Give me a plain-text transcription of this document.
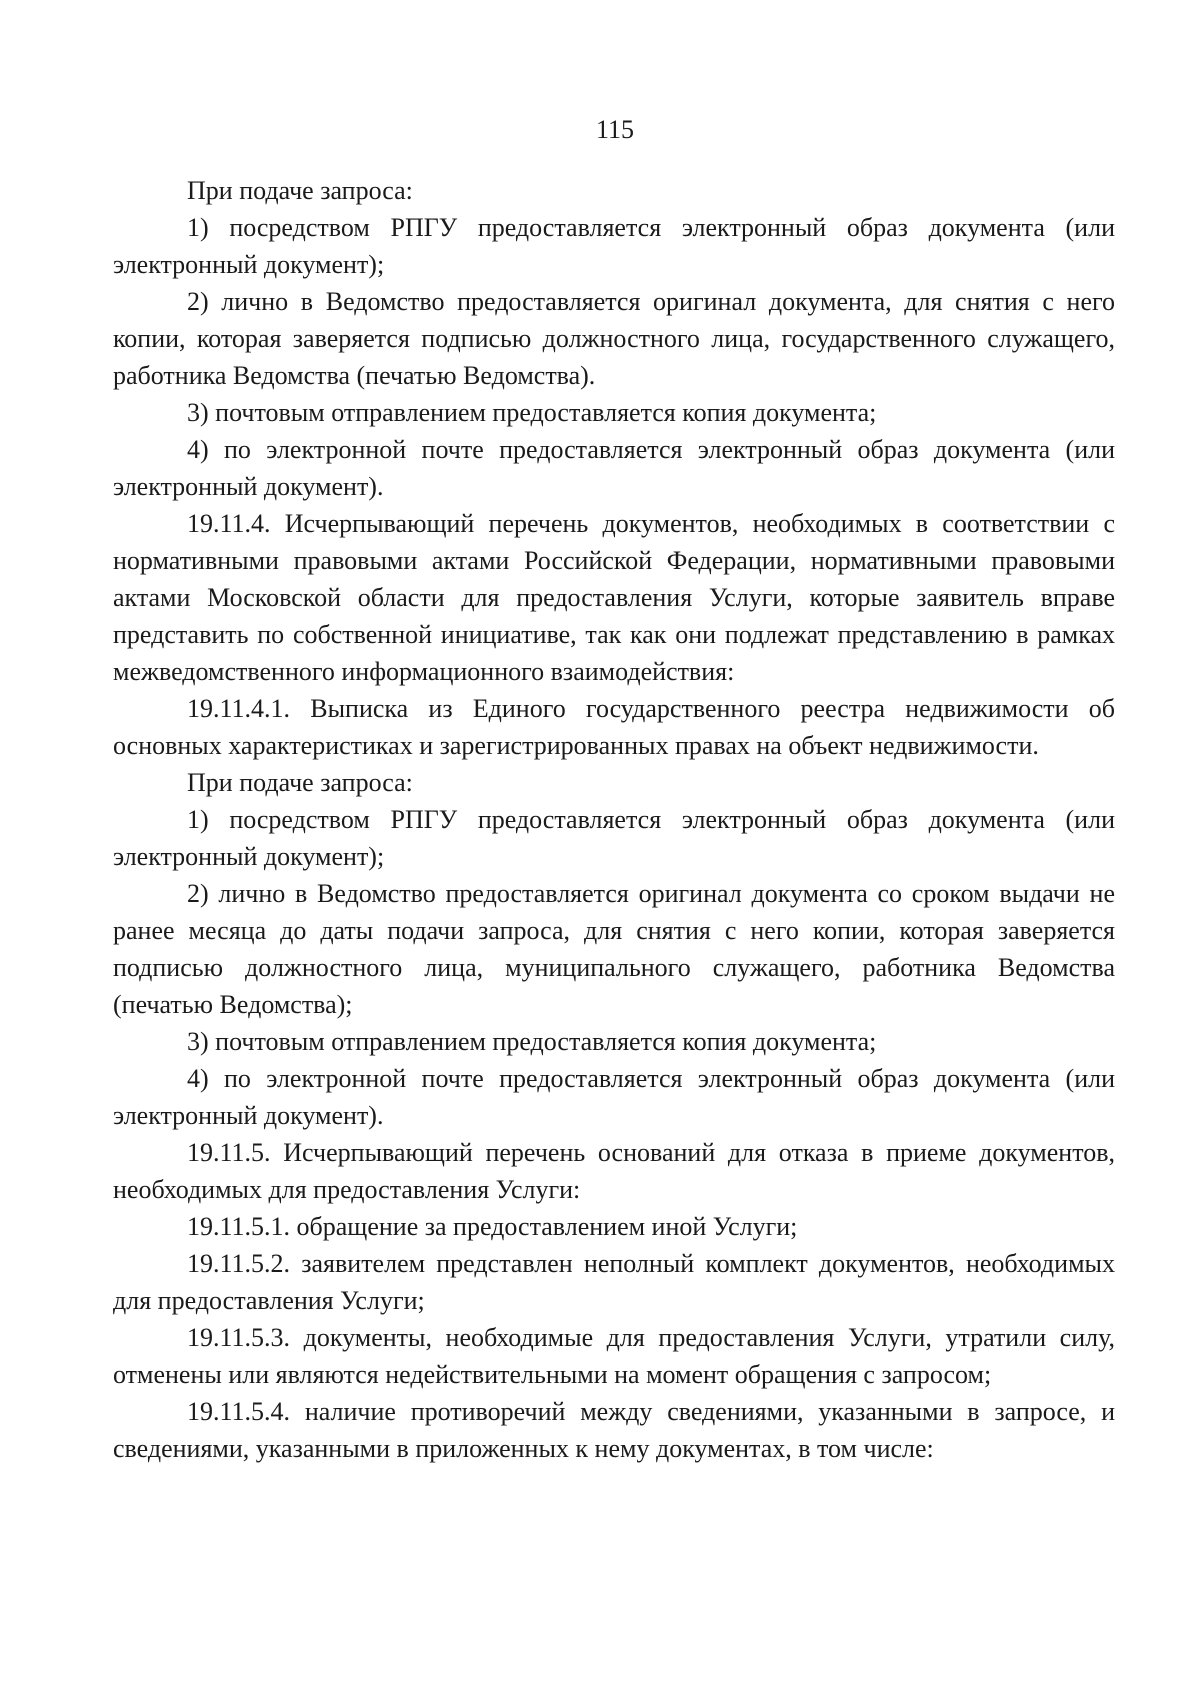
115

При подаче запроса:

1) посредством РПГУ предоставляется электронный образ документа (или электронный документ);

2) лично в Ведомство предоставляется оригинал документа, для снятия с него копии, которая заверяется подписью должностного лица, государственного служащего, работника Ведомства (печатью Ведомства).

3) почтовым отправлением предоставляется копия документа;

4) по электронной почте предоставляется электронный образ документа (или электронный документ).

19.11.4. Исчерпывающий перечень документов, необходимых в соответствии с нормативными правовыми актами Российской Федерации, нормативными правовыми актами Московской области для предоставления Услуги, которые заявитель вправе представить по собственной инициативе, так как они подлежат представлению в рамках межведомственного информационного взаимодействия:

19.11.4.1. Выписка из Единого государственного реестра недвижимости об основных характеристиках и зарегистрированных правах на объект недвижимости.

При подаче запроса:

1) посредством РПГУ предоставляется электронный образ документа (или электронный документ);

2) лично в Ведомство предоставляется оригинал документа со сроком выдачи не ранее месяца до даты подачи запроса, для снятия с него копии, которая заверяется подписью должностного лица, муниципального служащего, работника Ведомства (печатью Ведомства);

3) почтовым отправлением предоставляется копия документа;

4) по электронной почте предоставляется электронный образ документа (или электронный документ).

19.11.5. Исчерпывающий перечень оснований для отказа в приеме документов, необходимых для предоставления Услуги:

19.11.5.1. обращение за предоставлением иной Услуги;

19.11.5.2. заявителем представлен неполный комплект документов, необходимых для предоставления Услуги;

19.11.5.3. документы, необходимые для предоставления Услуги, утратили силу, отменены или являются недействительными на момент обращения с запросом;

19.11.5.4. наличие противоречий между сведениями, указанными в запросе, и сведениями, указанными в приложенных к нему документах, в том числе:
